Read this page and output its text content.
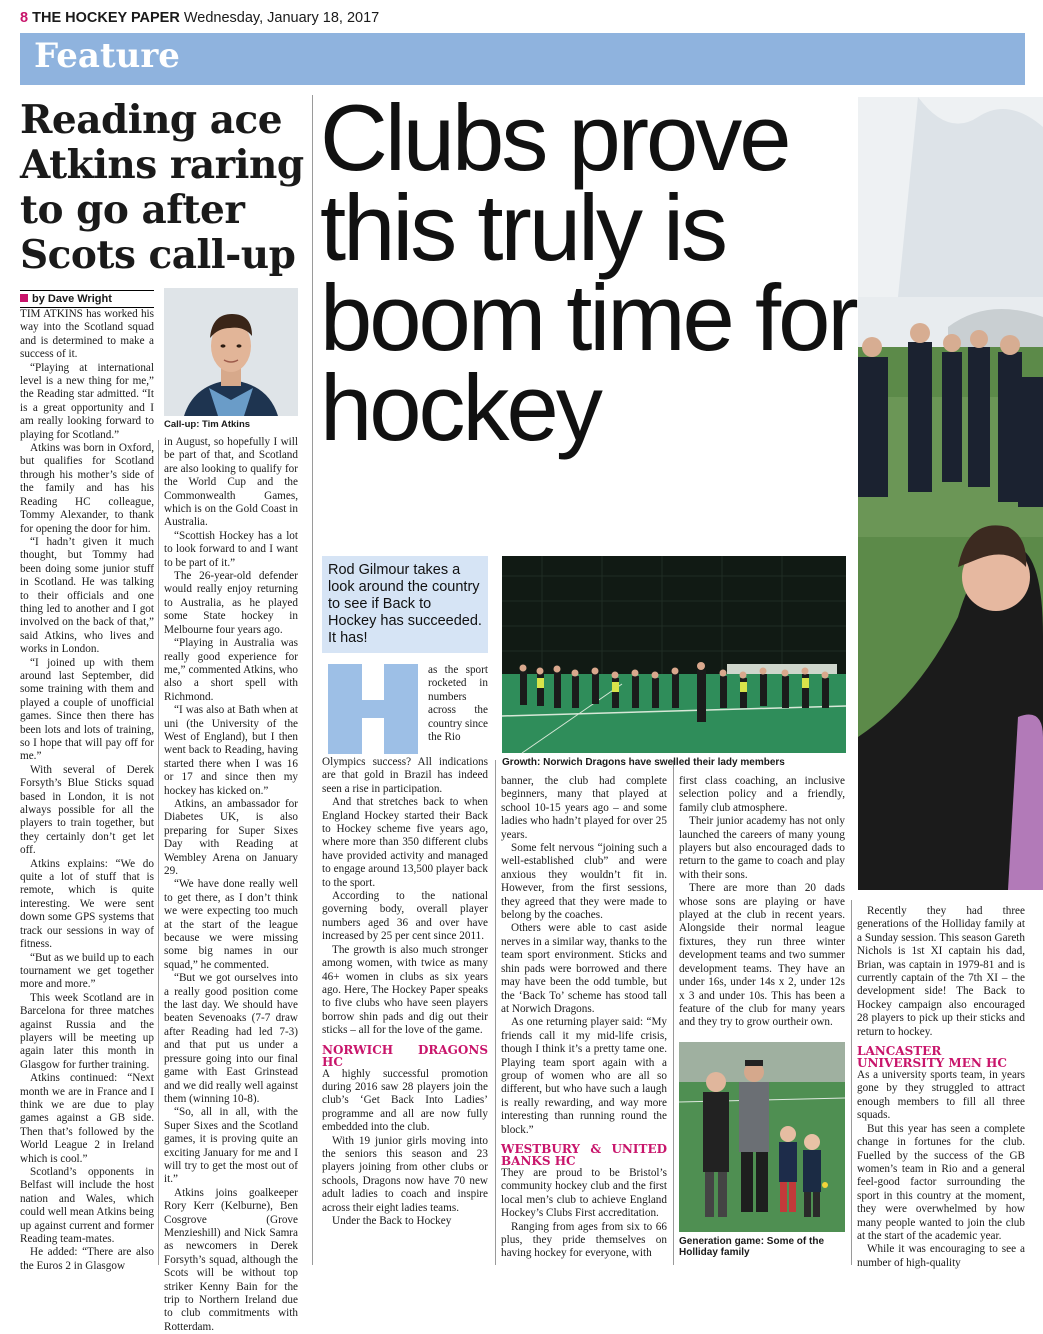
8 THE HOCKEY PAPER Wednesday, January 18, 2017
Feature
Reading ace Atkins raring to go after Scots call-up
by Dave Wright
Call-up: Tim Atkins

TIM ATKINS has worked his way into the Scotland squad and is determined to make a success of it.

“Playing at international level is a new thing for me,” the Reading star admitted. “It is a great opportunity and I am really looking forward to playing for Scotland.”

Atkins was born in Oxford, but qualifies for Scotland through his mother’s side of the family and has his Reading HC colleague, Tommy Alexander, to thank for opening the door for him.

“I hadn’t given it much thought, but Tommy had been doing some junior stuff in Scotland. He was talking to their officials and one thing led to another and I got involved on the back of that,” said Atkins, who lives and works in London.

“I joined up with them around last September, did some training with them and played a couple of unofficial games. Since then there has been lots and lots of training, so I hope that will pay off for me.”

With several of Derek Forsyth’s Blue Sticks squad based in London, it is not always possible for all the players to train together, but they certainly don’t get let off.

Atkins explains: “We do quite a lot of stuff that is remote, which is quite interesting. We were sent down some GPS systems that track our sessions in way of fitness.

“But as we build up to each tournament we get together more and more.”

This week Scotland are in Barcelona for three matches against Russia and the players will be meeting up again later this month in Glasgow for further training.

Atkins continued: “Next month we are in France and I think we are due to play games against a GB side. Then that’s followed by the World League 2 in Ireland which is cool.”

Scotland’s opponents in Belfast will include the host nation and Wales, which could well mean Atkins being up against current and former Reading team-mates.

He added: “There are also the Euros 2 in Glasgow

in August, so hopefully I will be part of that, and Scotland are also looking to qualify for the World Cup and the Commonwealth Games, which is on the Gold Coast in Australia.

“Scottish Hockey has a lot to look forward to and I want to be part of it.”

The 26-year-old defender would really enjoy returning to Australia, as he played some State hockey in Melbourne four years ago.

“Playing in Australia was really good experience for me,” commented Atkins, who also a short spell with Richmond.

“I was also at Bath when at uni (the University of the West of England), but I then went back to Reading, having started there when I was 16 or 17 and since then my hockey has kicked on.”

Atkins, an ambassador for Diabetes UK, is also preparing for Super Sixes Day with Reading at Wembley Arena on January 29.

“We have done really well to get there, as I don’t think we were expecting too much at the start of the league because we were missing some big names in our squad,” he commented.

“But we got ourselves into a really good position come the last day. We should have beaten Sevenoaks (7-7 draw after Reading had led 7-3) and that put us under a pressure going into our final game with East Grinstead and we did really well against them (winning 10-8).

“So, all in all, with the Super Sixes and the Scotland games, it is proving quite an exciting January for me and I will try to get the most out of it.”

Atkins joins goalkeeper Rory Kerr (Kelburne), Ben Cosgrove (Grove Menzieshill) and Nick Samra as newcomers in Derek Forsyth’s squad, although the Scots will be without top striker Kenny Bain for the trip to Northern Ireland due to club commitments with Rotterdam.

Clubs prove this truly is boom time for hockey
Rod Gilmour takes a look around the country to see if Back to Hockey has succeeded. It has!
Growth: Norwich Dragons have swelled their lady members

as the sport rocketed in numbers across the country since the Rio

Olympics success? All indications are that gold in Brazil has indeed seen a rise in participation.

And that stretches back to when England Hockey started their Back to Hockey scheme five years ago, where more than 350 different clubs have provided activity and managed to engage around 13,500 player back to the sport.

According to the national governing body, overall player numbers aged 36 and over have increased by 25 per cent since 2011.

The growth is also much stronger among women, with twice as many 46+ women in clubs as six years ago. Here, The Hockey Paper speaks to five clubs who have seen players borrow shin pads and dig out their sticks – all for the love of the game.

NORWICH DRAGONS HC

A highly successful promotion during 2016 saw 28 players join the club’s ‘Get Back Into Ladies’ programme and all are now fully embedded into the club.

With 19 junior girls moving into the seniors this season and 23 players joining from other clubs or schools, Dragons now have 70 new adult ladies to coach and inspire across their eight ladies teams.

Under the Back to Hockey

banner, the club had complete beginners, many that played at school 10-15 years ago – and some ladies who hadn’t played for over 25 years.

Some felt nervous “joining such a well-established club” and were anxious they wouldn’t fit in. However, from the first sessions, they agreed that they were made to belong by the coaches.

Others were able to cast aside nerves in a similar way, thanks to the team sport environment. Sticks and shin pads were borrowed and there may have been the odd tumble, but the ‘Back To’ scheme has stood tall at Norwich Dragons.

As one returning player said: “My friends call it my mid-life crisis, though I think it’s a pretty tame one. Playing team sport again with a group of women who are all so different, but who have such a laugh is really rewarding, and way more interesting than running round the block.”

WESTBURY & UNITED BANKS HC

They are proud to be Bristol’s community hockey club and the first local men’s club to achieve England Hockey’s Clubs First accreditation.

Ranging from ages from six to 66 plus, they pride themselves on having hockey for everyone, with

first class coaching, an inclusive selection policy and a friendly, family club atmosphere.

Their junior academy has not only launched the careers of many young players but also encouraged dads to return to the game to coach and play with their sons.

There are more than 20 dads whose sons are playing or have played at the club in recent years. Alongside their normal league fixtures, they run three winter development teams and two summer development teams. They have an under 16s, under 14s x 2, under 12s x 3 and under 10s. This has been a feature of the club for many years and they try to grow ourtheir own.

Generation game: Some of the Holliday family

Recently they had three generations of the Holliday family at a Sunday session. This season Gareth Nichols is 1st XI captain his dad, Brian, was captain in 1979-81 and is currently captain of the 7th XI – the development side! The Back to Hockey campaign also encouraged 28 players to pick up their sticks and return to hockey.

LANCASTER UNIVERSITY MEN HC

As a university sports team, in years gone by they struggled to attract enough members to fill all three squads.

But this year has seen a complete change in fortunes for the club. Fuelled by the success of the GB women’s team in Rio and a general feel-good factor surrounding the sport in this country at the moment, they were overwhelmed by how many people wanted to join the club at the start of the academic year.

While it was encouraging to see a number of high-quality
